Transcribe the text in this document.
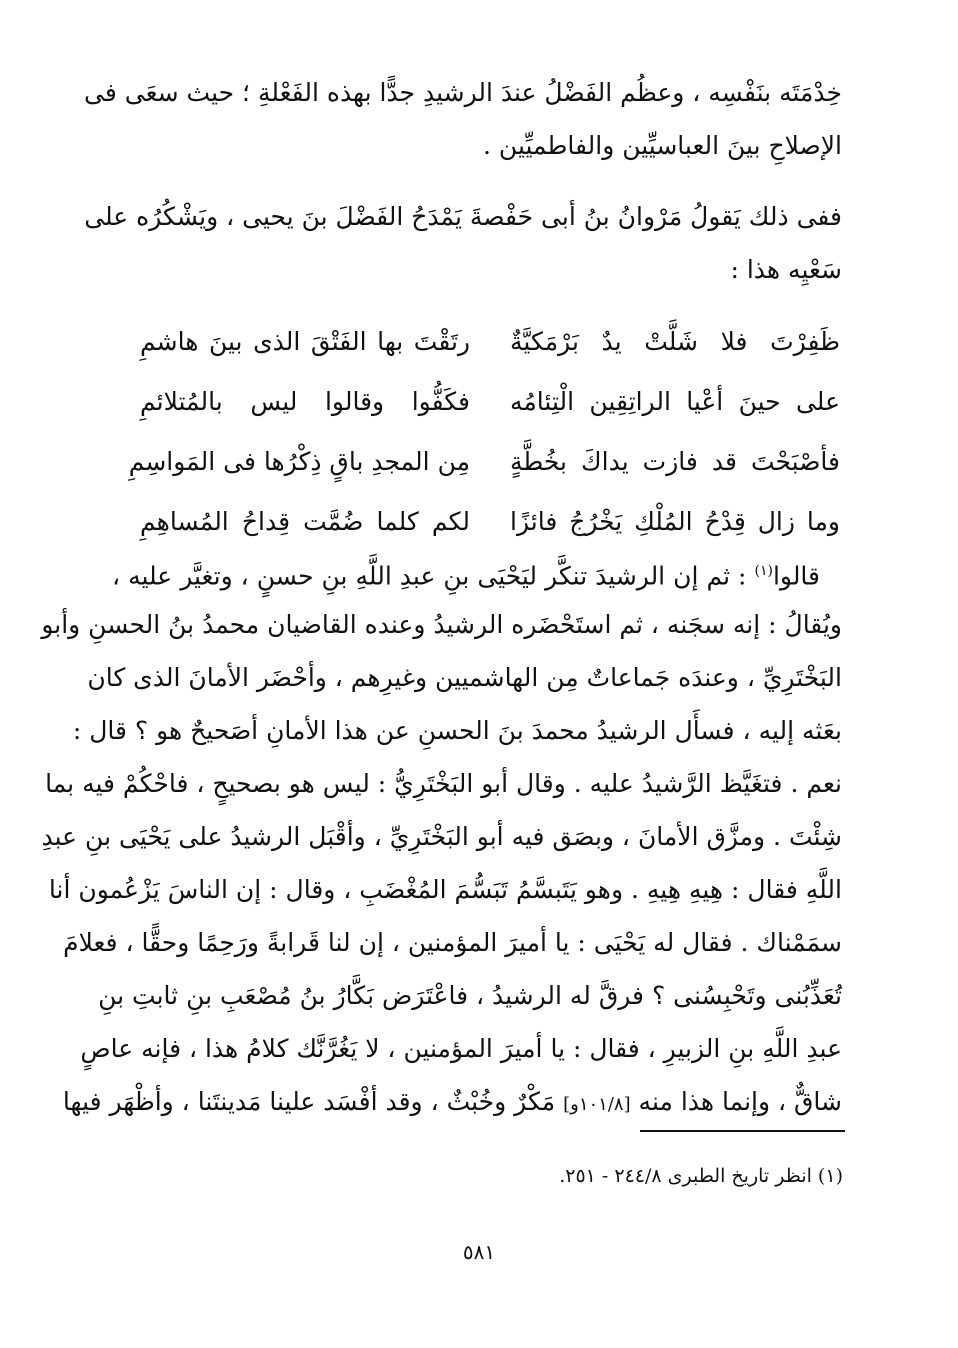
خِدْمَتَه بنَفْسِه ، وعظُم الفَضْلُ عندَ الرشيدِ جدًّا بهذه الفَعْلةِ ؛ حيث سعَى فى
الإصلاحِ بينَ العباسيِّين والفاطميِّين .
ففى ذلك يَقولُ مَرْوانُ بنُ أبى حَفْصةَ يَمْدَحُ الفَضْلَ بنَ يحيى ، ويَشْكُرُه على
سَعْيِه هذا :
ظَفِرْتَ فلا شَلَّتْ يدٌ بَرْمَكيَّةٌ
رتَقْتَ بها الفَتْقَ الذى بينَ هاشمِ
على حينَ أعْيا الراتِقِين الْتِئامُه
فكَفُّوا وقالوا ليس بالمُتلائمِ
فأصْبَحْتَ قد فازت يداكَ بخُطَّةٍ
مِن المجدِ باقٍ ذِكْرُها فى المَواسِمِ
وما زال قِدْحُ المُلْكِ يَخْرُجُ فائزًا
لكم كلما ضُمَّت قِداحُ المُساهِمِ
قالوا$^{(١)}$ : ثم إن الرشيدَ تنكَّر ليَحْيَى بنِ عبدِ اللَّهِ بنِ حسنٍ ، وتغيَّر عليه ،
ويُقالُ : إنه سجَنه ، ثم استَحْضَره الرشيدُ وعنده القاضيان محمدُ بنُ الحسنِ وأبو
البَخْتَرِيِّ ، وعندَه جَماعاتٌ مِن الهاشميين وغيرِهم ، وأحْضَر الأمانَ الذى كان
بعَثه إليه ، فسأَل الرشيدُ محمدَ بنَ الحسنِ عن هذا الأمانِ أصَحيحٌ هو ؟ قال :
نعم . فتغَيَّظ الرَّشيدُ عليه . وقال أبو البَخْتَرِيُّ : ليس هو بصحيحٍ ، فاحْكُمْ فيه بما
شِئْتَ . ومزَّق الأمانَ ، وبصَق فيه أبو البَخْتَرِيِّ ، وأقْبَل الرشيدُ على يَحْيَى بنِ عبدِ
اللَّهِ فقال : هِيهِ هِيهِ . وهو يَتَبسَّمُ تَبَسُّمَ المُغْضَبِ ، وقال : إن الناسَ يَزْعُمون أنا
سمَمْناك . فقال له يَحْيَى : يا أميرَ المؤمنين ، إن لنا قَرابةً ورَحِمًا وحقًّا ، فعلامَ
تُعَذِّبُنى وتَحْبِسُنى ؟ فرقَّ له الرشيدُ ، فاعْتَرَض بَكَّارُ بنُ مُصْعَبِ بنِ ثابتِ بنِ
عبدِ اللَّهِ بنِ الزبيرِ ، فقال : يا أميرَ المؤمنين ، لا يَغُرَّنَّك كلامُ هذا ، فإنه عاصٍ
شاقٌّ ، وإنما هذا منه [١٠١/٨و] مَكْرٌ وخُبْثٌ ، وقد أفْسَد علينا مَدينتَنا ، وأظْهَر فيها
(١) انظر تاريخ الطبرى ٢٤٤/٨ - ٢٥١.
٥٨١
